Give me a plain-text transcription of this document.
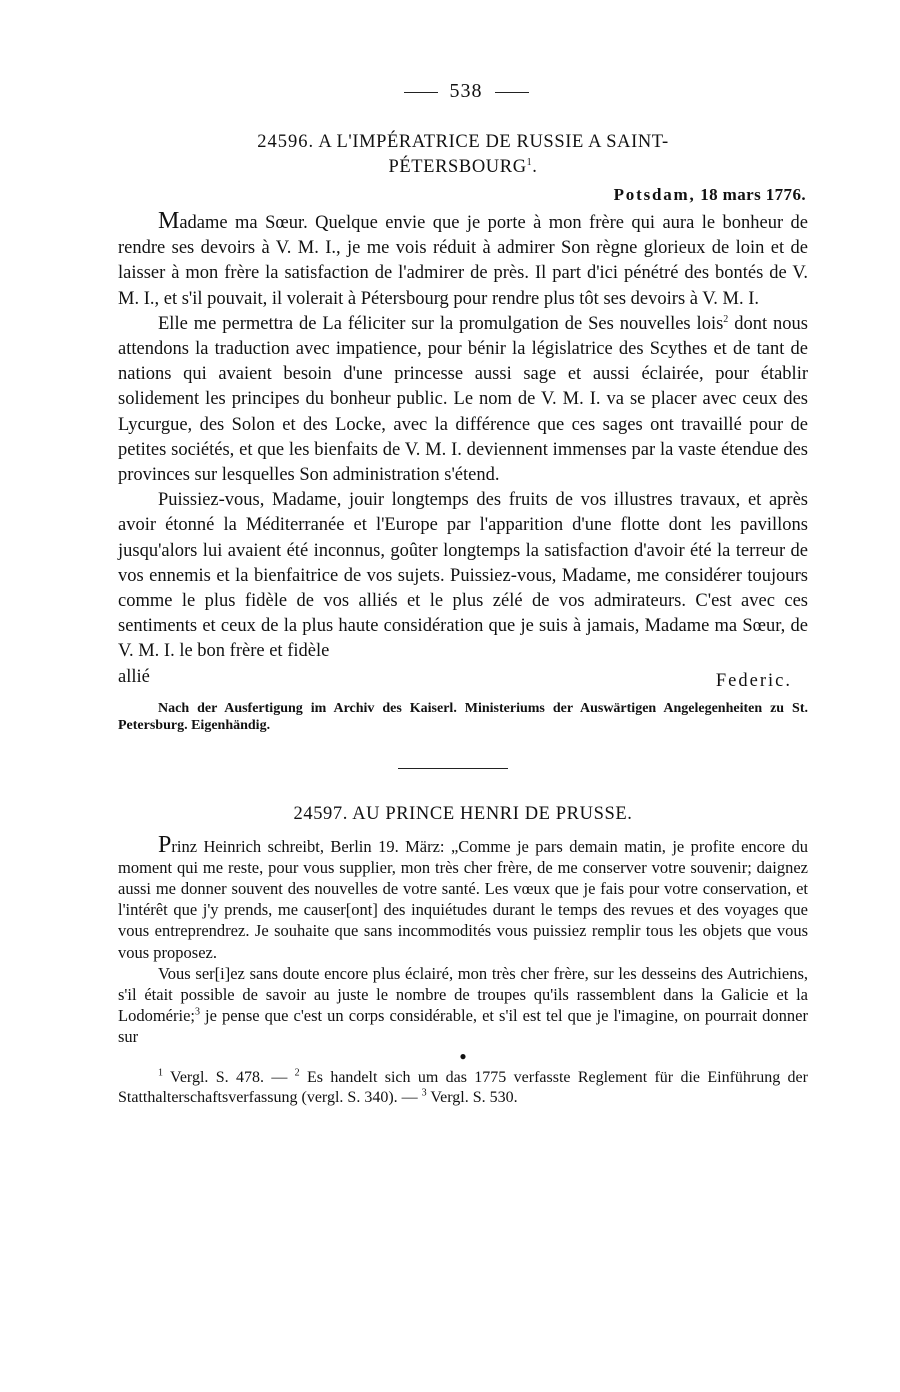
538
24596. A L'IMPÉRATRICE DE RUSSIE A SAINT-
PÉTERSBOURG$^1$.
Potsdam, 18 mars 1776.

Madame ma Sœur. Quelque envie que je porte à mon frère qui aura le bonheur de rendre ses devoirs à V. M. I., je me vois réduit à admirer Son règne glorieux de loin et de laisser à mon frère la satisfaction de l'admirer de près. Il part d'ici pénétré des bontés de V. M. I., et s'il pouvait, il volerait à Pétersbourg pour rendre plus tôt ses devoirs à V. M. I.

Elle me permettra de La féliciter sur la promulgation de Ses nouvelles lois$^2$ dont nous attendons la traduction avec impatience, pour bénir la législatrice des Scythes et de tant de nations qui avaient besoin d'une princesse aussi sage et aussi éclairée, pour établir solidement les principes du bonheur public. Le nom de V. M. I. va se placer avec ceux des Lycurgue, des Solon et des Locke, avec la différence que ces sages ont travaillé pour de petites sociétés, et que les bienfaits de V. M. I. deviennent immenses par la vaste étendue des provinces sur lesquelles Son administration s'étend.

Puissiez-vous, Madame, jouir longtemps des fruits de vos illustres travaux, et après avoir étonné la Méditerranée et l'Europe par l'apparition d'une flotte dont les pavillons jusqu'alors lui avaient été inconnus, goûter longtemps la satisfaction d'avoir été la terreur de vos ennemis et la bienfaitrice de vos sujets. Puissiez-vous, Madame, me considérer toujours comme le plus fidèle de vos alliés et le plus zélé de vos admirateurs. C'est avec ces sentiments et ceux de la plus haute considération que je suis à jamais, Madame ma Sœur, de V. M. I. le bon frère et fidèle

allié	Federic.
Nach der Ausfertigung im Archiv des Kaiserl. Ministeriums der Auswärtigen Angelegenheiten zu St. Petersburg. Eigenhändig.
24597. AU PRINCE HENRI DE PRUSSE.

Prinz Heinrich schreibt, Berlin 19. März: „Comme je pars demain matin, je profite encore du moment qui me reste, pour vous supplier, mon très cher frère, de me conserver votre souvenir; daignez aussi me donner souvent des nouvelles de votre santé. Les vœux que je fais pour votre conservation, et l'intérêt que j'y prends, me causer[ont] des inquiétudes durant le temps des revues et des voyages que vous entreprendrez. Je souhaite que sans incommodités vous puissiez remplir tous les objets que vous vous proposez.

Vous ser[i]ez sans doute encore plus éclairé, mon très cher frère, sur les desseins des Autrichiens, s'il était possible de savoir au juste le nombre de troupes qu'ils rassemblent dans la Galicie et la Lodomérie;$^3$ je pense que c'est un corps considérable, et s'il est tel que je l'imagine, on pourrait donner sur

●
$^1$ Vergl. S. 478. — $^2$ Es handelt sich um das 1775 verfasste Reglement für die Einführung der Statthalterschaftsverfassung (vergl. S. 340). — $^3$ Vergl. S. 530.
